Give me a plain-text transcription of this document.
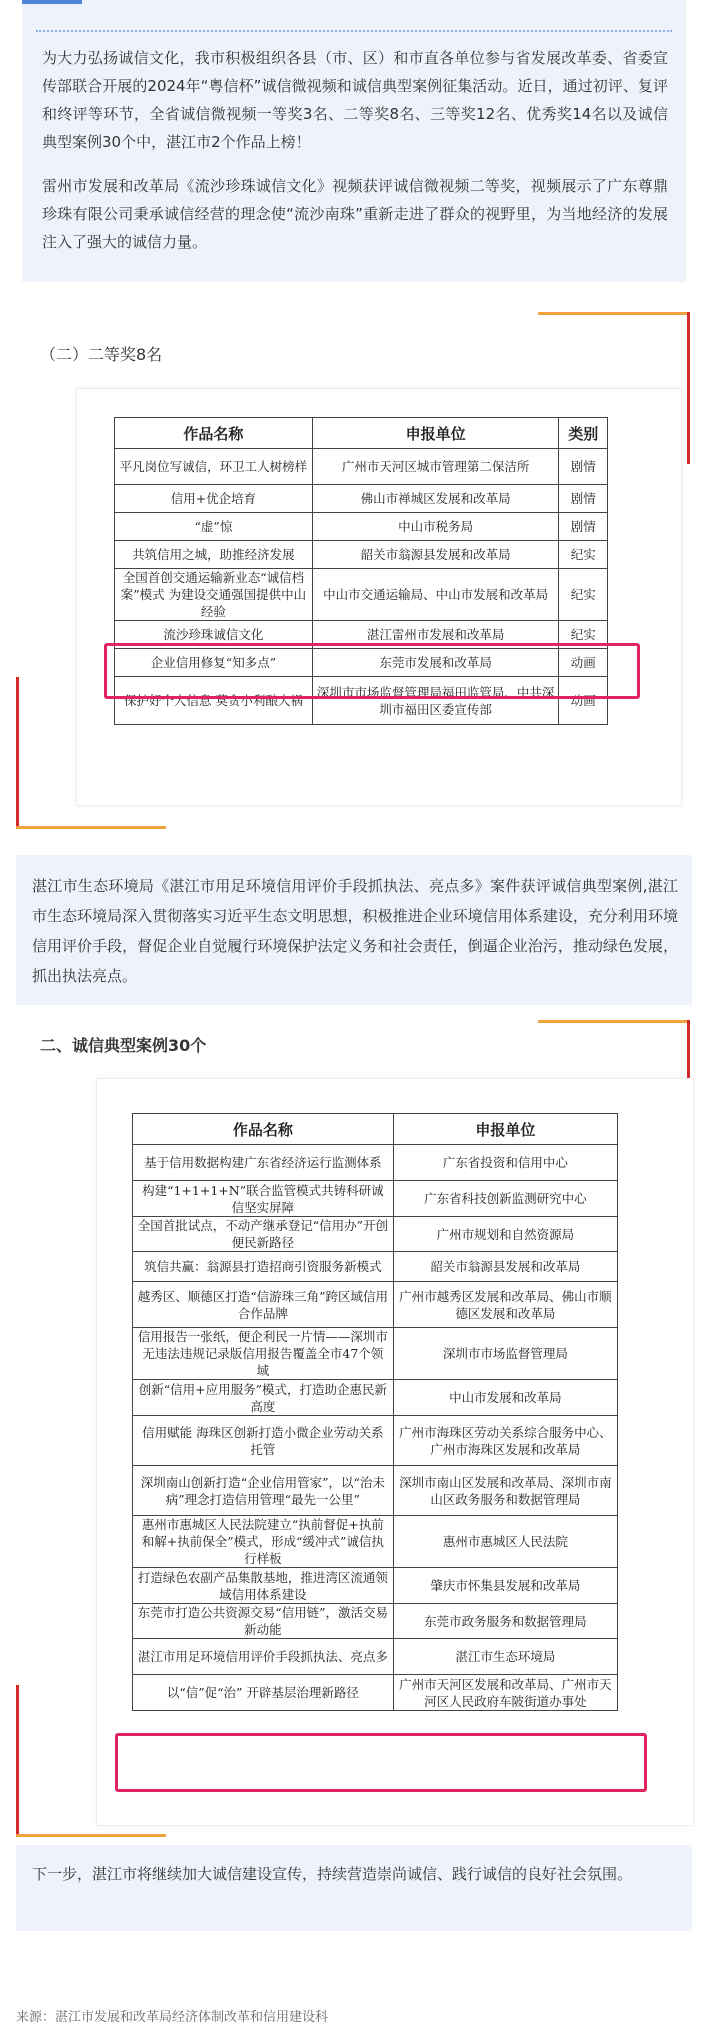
为大力弘扬诚信文化，我市积极组织各县（市、区）和市直各单位参与省发展改革委、省委宣传部联合开展的2024年“粤信杯”诚信微视频和诚信典型案例征集活动。近日，通过初评、复评和终评等环节，全省诚信微视频一等奖3名、二等奖8名、三等奖12名、优秀奖14名以及诚信典型案例30个中，湛江市2个作品上榜！

雷州市发展和改革局《流沙珍珠诚信文化》视频获评诚信微视频二等奖，视频展示了广东尊鼎珍珠有限公司秉承诚信经营的理念使“流沙南珠”重新走进了群众的视野里，为当地经济的发展注入了强大的诚信力量。

（二）二等奖8名
作品名称	申报单位	类别
平凡岗位写诚信，环卫工人树榜样	广州市天河区城市管理第二保洁所	剧情
信用+优企培育	佛山市禅城区发展和改革局	剧情
“虚”惊	中山市税务局	剧情
共筑信用之城，助推经济发展	韶关市翁源县发展和改革局	纪实
全国首创交通运输新业态“诚信档案”模式 为建设交通强国提供中山经验	中山市交通运输局、中山市发展和改革局	纪实
流沙珍珠诚信文化	湛江雷州市发展和改革局	纪实
企业信用修复“知多点”	东莞市发展和改革局	动画
保护好个人信息 莫贪小利酿大祸	深圳市市场监督管理局福田监管局、中共深圳市福田区委宣传部	动画

湛江市生态环境局《湛江市用足环境信用评价手段抓执法、亮点多》案件获评诚信典型案例,湛江市生态环境局深入贯彻落实习近平生态文明思想，积极推进企业环境信用体系建设，充分利用环境信用评价手段，督促企业自觉履行环境保护法定义务和社会责任，倒逼企业治污，推动绿色发展，抓出执法亮点。

二、诚信典型案例30个
作品名称	申报单位
基于信用数据构建广东省经济运行监测体系	广东省投资和信用中心
构建“1+1+1+N”联合监管模式共铸科研诚信坚实屏障	广东省科技创新监测研究中心
全国首批试点，不动产继承登记“信用办”开创便民新路径	广州市规划和自然资源局
筑信共赢：翁源县打造招商引资服务新模式	韶关市翁源县发展和改革局
越秀区、顺德区打造“信游珠三角”跨区域信用合作品牌	广州市越秀区发展和改革局、佛山市顺德区发展和改革局
信用报告一张纸，便企利民一片情——深圳市无违法违规记录版信用报告覆盖全市47个领域	深圳市市场监督管理局
创新“信用+应用服务”模式，打造助企惠民新高度	中山市发展和改革局
信用赋能 海珠区创新打造小微企业劳动关系托管	广州市海珠区劳动关系综合服务中心、广州市海珠区发展和改革局
深圳南山创新打造“企业信用管家”，以“治未病”理念打造信用管理“最先一公里”	深圳市南山区发展和改革局、深圳市南山区政务服务和数据管理局
惠州市惠城区人民法院建立“执前督促+执前和解+执前保全”模式，形成“缓冲式”诚信执行样板	惠州市惠城区人民法院
打造绿色农副产品集散基地，推进湾区流通领域信用体系建设	肇庆市怀集县发展和改革局
东莞市打造公共资源交易“信用链”，激活交易新动能	东莞市政务服务和数据管理局
湛江市用足环境信用评价手段抓执法、亮点多	湛江市生态环境局
以“信”促“治” 开辟基层治理新路径	广州市天河区发展和改革局、广州市天河区人民政府车陂街道办事处

下一步，湛江市将继续加大诚信建设宣传，持续营造崇尚诚信、践行诚信的良好社会氛围。

来源：湛江市发展和改革局经济体制改革和信用建设科
